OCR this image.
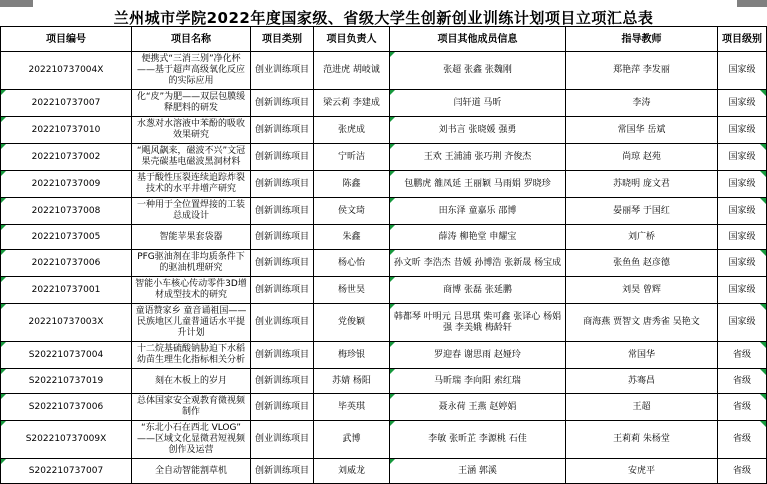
兰州城市学院2022年度国家级、省级大学生创新创业训练计划项目立项汇总表
项目编号	项目名称	项目类别	项目负责人	项目其他成员信息	指导教师	项目级别
202210737004X	便携式“三消三别”净化杯——基于超声高级氧化反应的实际应用	创业训练项目	范进虎 胡岐诚	张超 张鑫 张魏刚	郑艳萍 李发丽	国家级
202210737007	化“皮”为肥——双层包膜缓释肥料的研发	创新训练项目	梁云莉 李建成	闫轩道 马昕	李涛	国家级

202210737010	水葱对水溶液中苯酚的吸收效果研究	创新训练项目	张虎成	刘书言 张晓媛 强勇	常国华 岳斌	国家级
202210737002	“飓风飙来，磁波不兴”文冠果壳碳基电磁波黑洞材料	创新训练项目	宁昕洁	王欢 王浦浦 张巧荆 齐俊杰	尚琼 赵苑	国家级

202210737009	基于酸性压裂连续追踪炸裂技术的水平井增产研究	创新训练项目	陈鑫	包鹏虎 雒凤延 王丽颖 马雨娟 罗晓珍	苏晓明 庞文君	国家级

202210737008	一种用于全位置焊接的工装总成设计	创新训练项目	侯文琦	田东泽 童嘉乐 邵博	晏丽琴 于国红	国家级

202210737005	智能苹果套袋器	创新训练项目	朱鑫	薛涛 柳艳堂 申耀宝	刘广桥	国家级
202210737006	PFG驱油剂在非均质条件下的驱油机理研究	创新训练项目	杨心怡	孙文昕 李浩杰 昔媛 孙博浩 张新晟 杨宝成	张鱼鱼 赵彦德	国家级

202210737001	智能小车核心传动零件3D增材成型技术的研究	创新训练项目	杨世昊	商博 张磊 张延鹏	刘昊 曾辉	国家级
202210737003X	童语赞家乡 童音诵祖国——民族地区儿童普通话水平提升计划	创业训练项目	党俊颖	韩都琴 叶明元 吕思琪 柴可鑫 张译心 杨娟强 李美娥 梅龄轩	商海燕 贾智文 唐秀雀 吴艳文	国家级

S202210737004	十二烷基硫酸钠胁迫下水稻幼苗生理生化指标相关分析	创新训练项目	梅珍银	罗迎春 谢思雨 赵娅玲	常国华	省级

S202210737019	刻在木板上的岁月	创新训练项目	苏婧 杨阳	马昕瑞 李向阳 索红瑞	苏骞昌	省级

S202210737006	总体国家安全观教育微视频制作	创新训练项目	毕英琪	聂永荷 王燕 赵婷娟	王超	省级

S202210737009X	“东北小石在西北 VLOG” ——区域文化显微君短视频创作及运营	创业训练项目	武博	李敏 张昕芷 李源桃 石佳	王莉莉 朱杨堂	省级

S202210737007	全自动智能割草机	创新训练项目	刘威龙	王涵 郭溪	安虎平	省级
